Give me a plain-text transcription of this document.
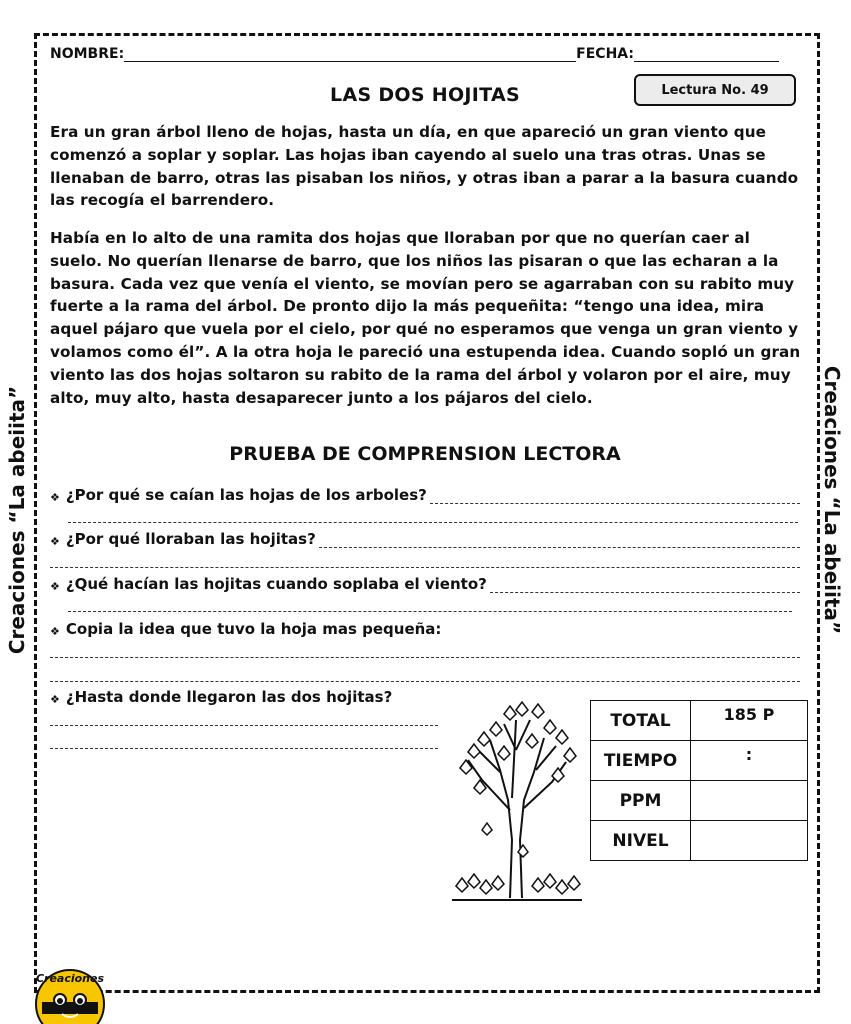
Creaciones “La abeiita”	Creaciones “La abeiita”
NOMBRE:	FECHA:
LAS DOS HOJITAS	Lectura No. 49

Era un gran árbol lleno de hojas, hasta un día, en que apareció un gran viento que comenzó a soplar y soplar. Las hojas iban cayendo al suelo una tras otras. Unas se llenaban de barro, otras las pisaban los niños, y otras iban a parar a la basura cuando las recogía el barrendero.

Había en lo alto de una ramita dos hojas que lloraban por que no querían caer al suelo. No querían llenarse de barro, que los niños las pisaran o que las echaran a la basura. Cada vez que venía el viento, se movían pero se agarraban con su rabito muy fuerte a la rama del árbol. De pronto dijo la más pequeñita: “tengo una idea, mira aquel pájaro que vuela por el cielo, por qué no esperamos que venga un gran viento y volamos como él”. A la otra hoja le pareció una estupenda idea. Cuando sopló un gran viento las dos hojas soltaron su rabito de la rama del árbol y volaron por el aire, muy alto, muy alto, hasta desaparecer junto a los pájaros del cielo.

PRUEBA DE COMPRENSION LECTORA
❖ ¿Por qué se caían las hojas de los arboles?
❖ ¿Por qué lloraban las hojitas?
❖ ¿Qué hacían las hojitas cuando soplaba el viento?
❖ Copia la idea que tuvo la hoja mas pequeña:
❖ ¿Hasta donde llegaron las dos hojitas?
TOTAL	185 P
TIEMPO	:
PPM	
NIVEL	
Creaciones
